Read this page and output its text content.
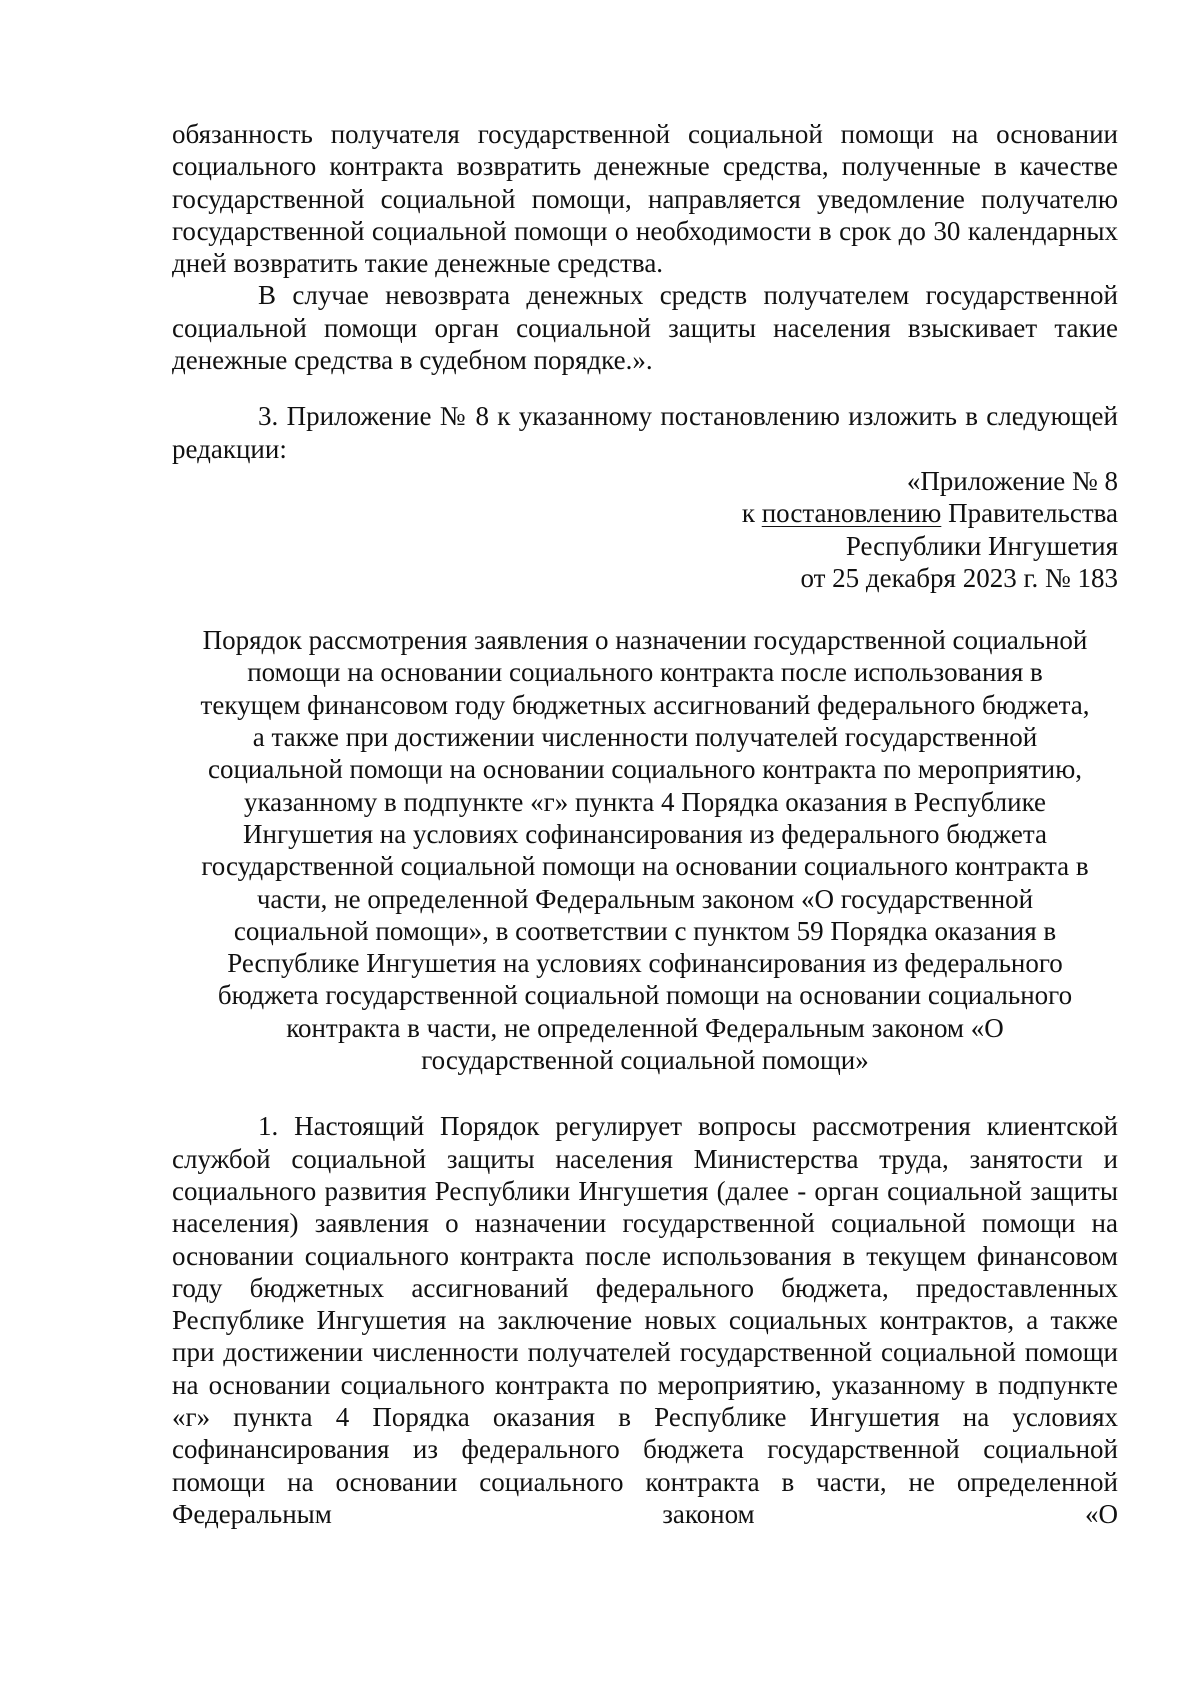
обязанность получателя государственной социальной помощи на основании социального контракта возвратить денежные средства, полученные в качестве государственной социальной помощи, направляется уведомление получателю государственной социальной помощи о необходимости в срок до 30 календарных дней возвратить такие денежные средства.

В случае невозврата денежных средств получателем государственной социальной помощи орган социальной защиты населения взыскивает такие денежные средства в судебном порядке.».

3. Приложение № 8 к указанному постановлению изложить в следующей редакции:

«Приложение № 8
к постановлению Правительства
Республики Ингушетия
от 25 декабря 2023 г. № 183
Порядок рассмотрения заявления о назначении государственной социальной
помощи на основании социального контракта после использования в
текущем финансовом году бюджетных ассигнований федерального бюджета,
а также при достижении численности получателей государственной
социальной помощи на основании социального контракта по мероприятию,
указанному в подпункте «г» пункта 4 Порядка оказания в Республике
Ингушетия на условиях софинансирования из федерального бюджета
государственной социальной помощи на основании социального контракта в
части, не определенной Федеральным законом «О государственной
социальной помощи», в соответствии с пунктом 59 Порядка оказания в
Республике Ингушетия на условиях софинансирования из федерального
бюджета государственной социальной помощи на основании социального
контракта в части, не определенной Федеральным законом «О
государственной социальной помощи»

1. Настоящий Порядок регулирует вопросы рассмотрения клиентской службой социальной защиты населения Министерства труда, занятости и социального развития Республики Ингушетия (далее - орган социальной защиты населения) заявления о назначении государственной социальной помощи на основании социального контракта после использования в текущем финансовом году бюджетных ассигнований федерального бюджета, предоставленных Республике Ингушетия на заключение новых социальных контрактов, а также при достижении численности получателей государственной социальной помощи на основании социального контракта по мероприятию, указанному в подпункте «г» пункта 4 Порядка оказания в Республике Ингушетия на условиях софинансирования из федерального бюджета государственной социальной помощи на основании социального контракта в части, не определенной Федеральным законом «О
